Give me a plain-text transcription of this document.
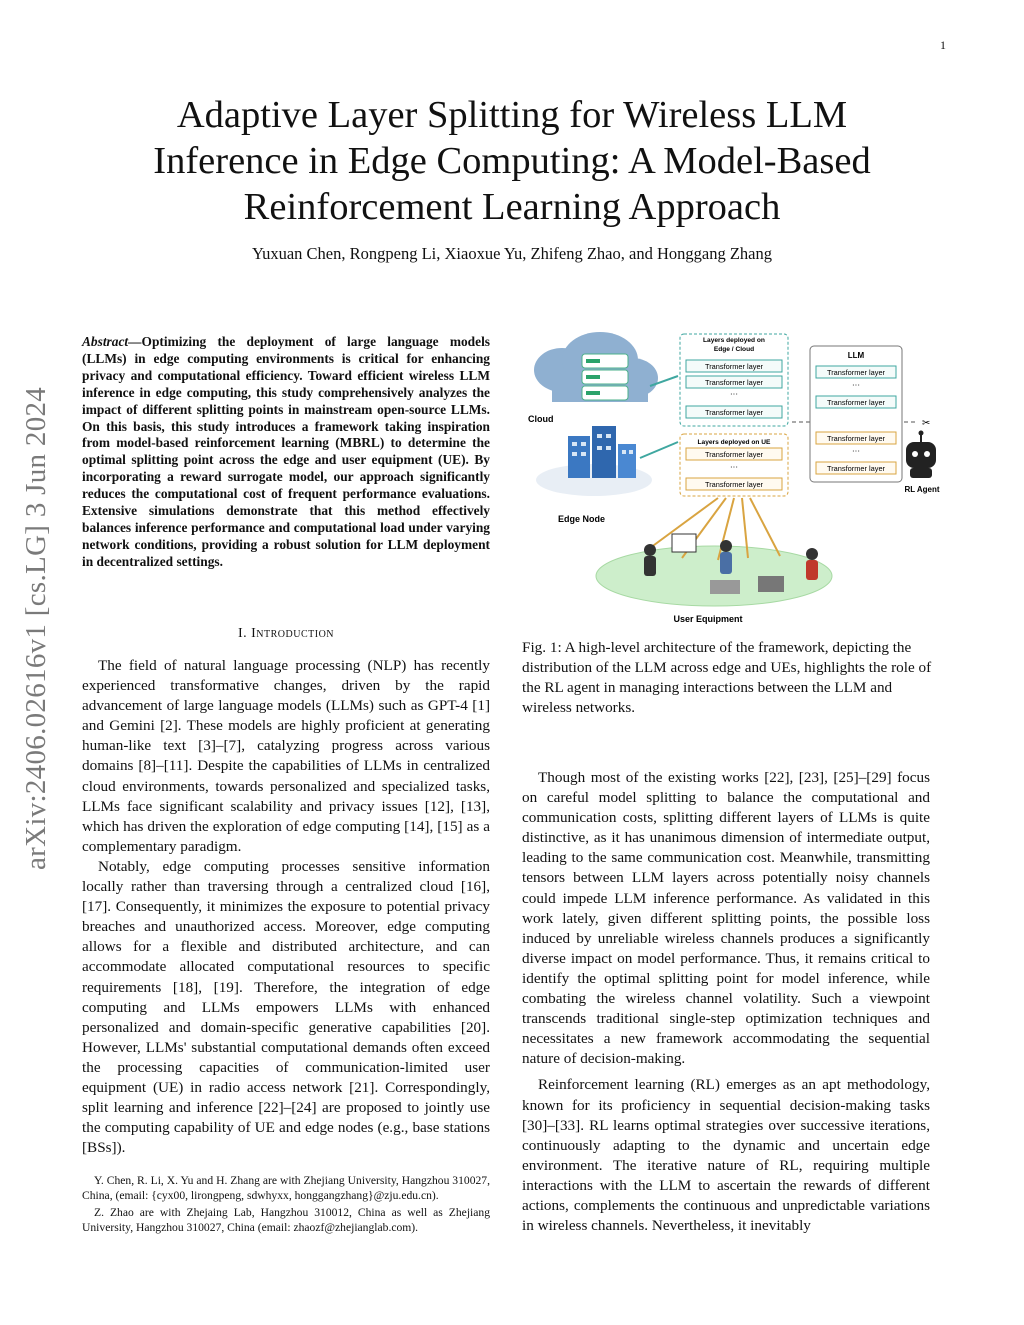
1
arXiv:2406.02616v1 [cs.LG] 3 Jun 2024
Adaptive Layer Splitting for Wireless LLM Inference in Edge Computing: A Model-Based Reinforcement Learning Approach
Yuxuan Chen, Rongpeng Li, Xiaoxue Yu, Zhifeng Zhao, and Honggang Zhang
Abstract—Optimizing the deployment of large language models (LLMs) in edge computing environments is critical for enhancing privacy and computational efficiency. Toward efficient wireless LLM inference in edge computing, this study comprehensively analyzes the impact of different splitting points in mainstream open-source LLMs. On this basis, this study introduces a framework taking inspiration from model-based reinforcement learning (MBRL) to determine the optimal splitting point across the edge and user equipment (UE). By incorporating a reward surrogate model, our approach significantly reduces the computational cost of frequent performance evaluations. Extensive simulations demonstrate that this method effectively balances inference performance and computational load under varying network conditions, providing a robust solution for LLM deployment in decentralized settings.
I. Introduction

The field of natural language processing (NLP) has recently experienced transformative changes, driven by the rapid advancement of large language models (LLMs) such as GPT-4 [1] and Gemini [2]. These models are highly proficient at generating human-like text [3]–[7], catalyzing progress across various domains [8]–[11]. Despite the capabilities of LLMs in centralized cloud environments, towards personalized and specialized tasks, LLMs face significant scalability and privacy issues [12], [13], which has driven the exploration of edge computing [14], [15] as a complementary paradigm.

Notably, edge computing processes sensitive information locally rather than traversing through a centralized cloud [16], [17]. Consequently, it minimizes the exposure to potential privacy breaches and unauthorized access. Moreover, edge computing allows for a flexible and distributed architecture, and can accommodate allocated computational resources to specific requirements [18], [19]. Therefore, the integration of edge computing and LLMs empowers LLMs with enhanced personalized and domain-specific generative capabilities [20]. However, LLMs' substantial computational demands often exceed the processing capacities of communication-limited user equipment (UE) in radio access network [21]. Correspondingly, split learning and inference [22]–[24] are proposed to jointly use the computing capability of UE and edge nodes (e.g., base stations [BSs]).

Y. Chen, R. Li, X. Yu and H. Zhang are with Zhejiang University, Hangzhou 310027, China, (email: {cyx00, lirongpeng, sdwhyxx, honggangzhang}@zju.edu.cn).

Z. Zhao are with Zhejaing Lab, Hangzhou 310012, China as well as Zhejiang University, Hangzhou 310027, China (email: zhaozf@zhejianglab.com).

Cloud
Edge Node
Layers deployed on Edge / Cloud
Transformer layer
Transformer layer
···
Transformer layer
Layers deployed on UE
Transformer layer
···
Transformer layer
✂
LLM
Transformer layer
···
Transformer layer
Transformer layer
···
Transformer layer
RL Agent
User Equipment
Fig. 1: A high-level architecture of the framework, depicting the distribution of the LLM across edge and UEs, highlights the role of the RL agent in managing interactions between the LLM and wireless networks.

Though most of the existing works [22], [23], [25]–[29] focus on careful model splitting to balance the computational and communication costs, splitting different layers of LLMs is quite distinctive, as it has unanimous dimension of intermediate output, leading to the same communication cost. Meanwhile, transmitting tensors between LLM layers across potentially noisy channels could impede LLM inference performance. As validated in this work lately, given different splitting points, the possible loss induced by unreliable wireless channels produces a significantly diverse impact on model performance. Thus, it remains critical to identify the optimal splitting point for model inference, while combating the wireless channel volatility. Such a viewpoint transcends traditional single-step optimization techniques and necessitates a new framework accommodating the sequential nature of decision-making.

Reinforcement learning (RL) emerges as an apt methodology, known for its proficiency in sequential decision-making tasks [30]–[33]. RL learns optimal strategies over successive iterations, continuously adapting to the dynamic and uncertain edge environment. The iterative nature of RL, requiring multiple interactions with the LLM to ascertain the rewards of different actions, complements the continuous and unpredictable variations in wireless channels. Nevertheless, it inevitably
